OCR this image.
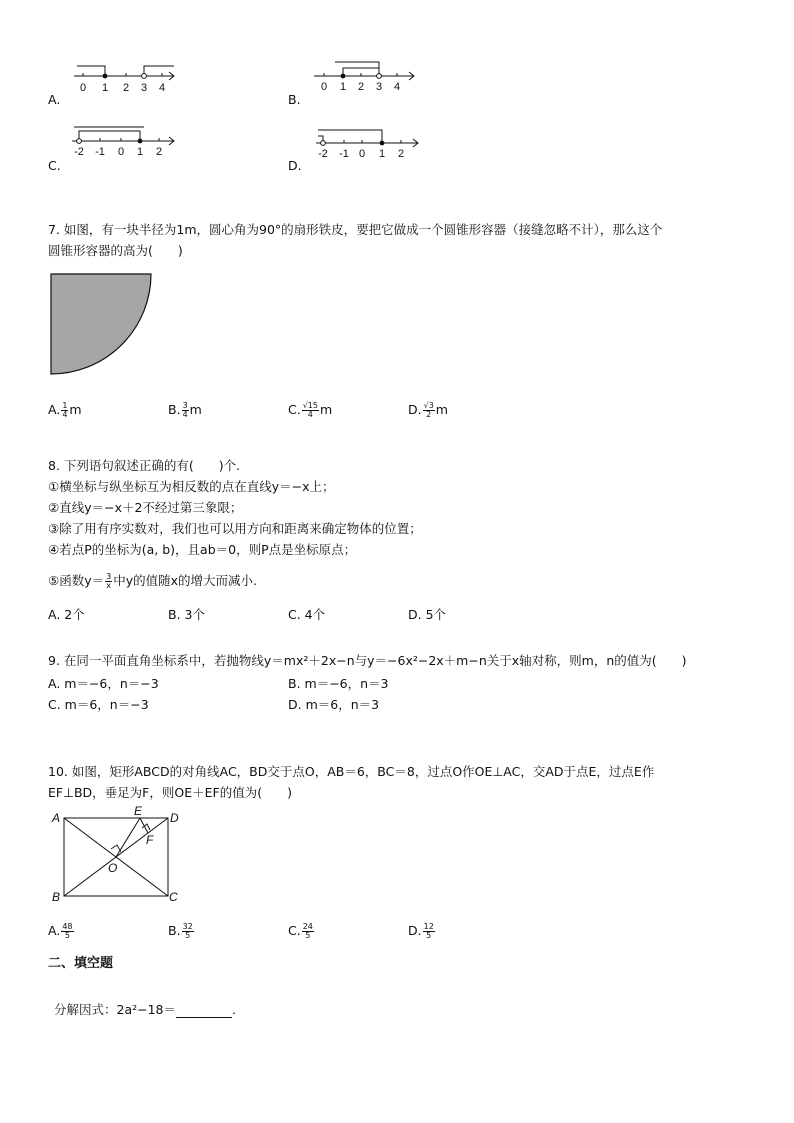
0 1 2 3 4
A.
0 1 2 3 4
B.
-2 -1 0 1 2
C.
-2 -1 0 1 2
D.
7. 如图，有一块半径为1m，圆心角为90°的扇形铁皮，要把它做成一个圆锥形容器（接缝忽略不计），那么这个
圆锥形容器的高为(　　)
A. $\frac{1}{4}$ m	B. $\frac{3}{4}$ m	C. $\frac{√15}{4}$ m	D. $\frac{√3}{2}$ m
8. 下列语句叙述正确的有(　　)个.
①横坐标与纵坐标互为相反数的点在直线y＝−x上；
②直线y＝−x＋2不经过第三象限；
③除了用有序实数对，我们也可以用方向和距离来确定物体的位置；
④若点P的坐标为(a, b)，且ab＝0，则P点是坐标原点；
⑤函数$y= \frac{3}{x}$ 中y的值随x的增大而减小.
A. 2个	B. 3个	C. 4个	D. 5个
9. 在同一平面直角坐标系中，若抛物线y＝mx²＋2x−n与y＝−6x²−2x＋m−n关于x轴对称，则m，n的值为(　　)
A. m＝−6，n＝−3	B. m＝−6，n＝3
C. m＝6，n＝−3	D. m＝6，n＝3
10. 如图，矩形ABCD的对角线AC，BD交于点O，AB＝6，BC＝8，过点O作OE⊥AC，交AD于点E，过点E作
EF⊥BD，垂足为F，则OE＋EF的值为(　　)
A
B	C
D
E
F
O
A. $\frac{48}{5}$	B. $\frac{32}{5}$	C. $\frac{24}{5}$	D. $\frac{12}{5}$
二、填空题
分解因式：2a²−18＝	.
